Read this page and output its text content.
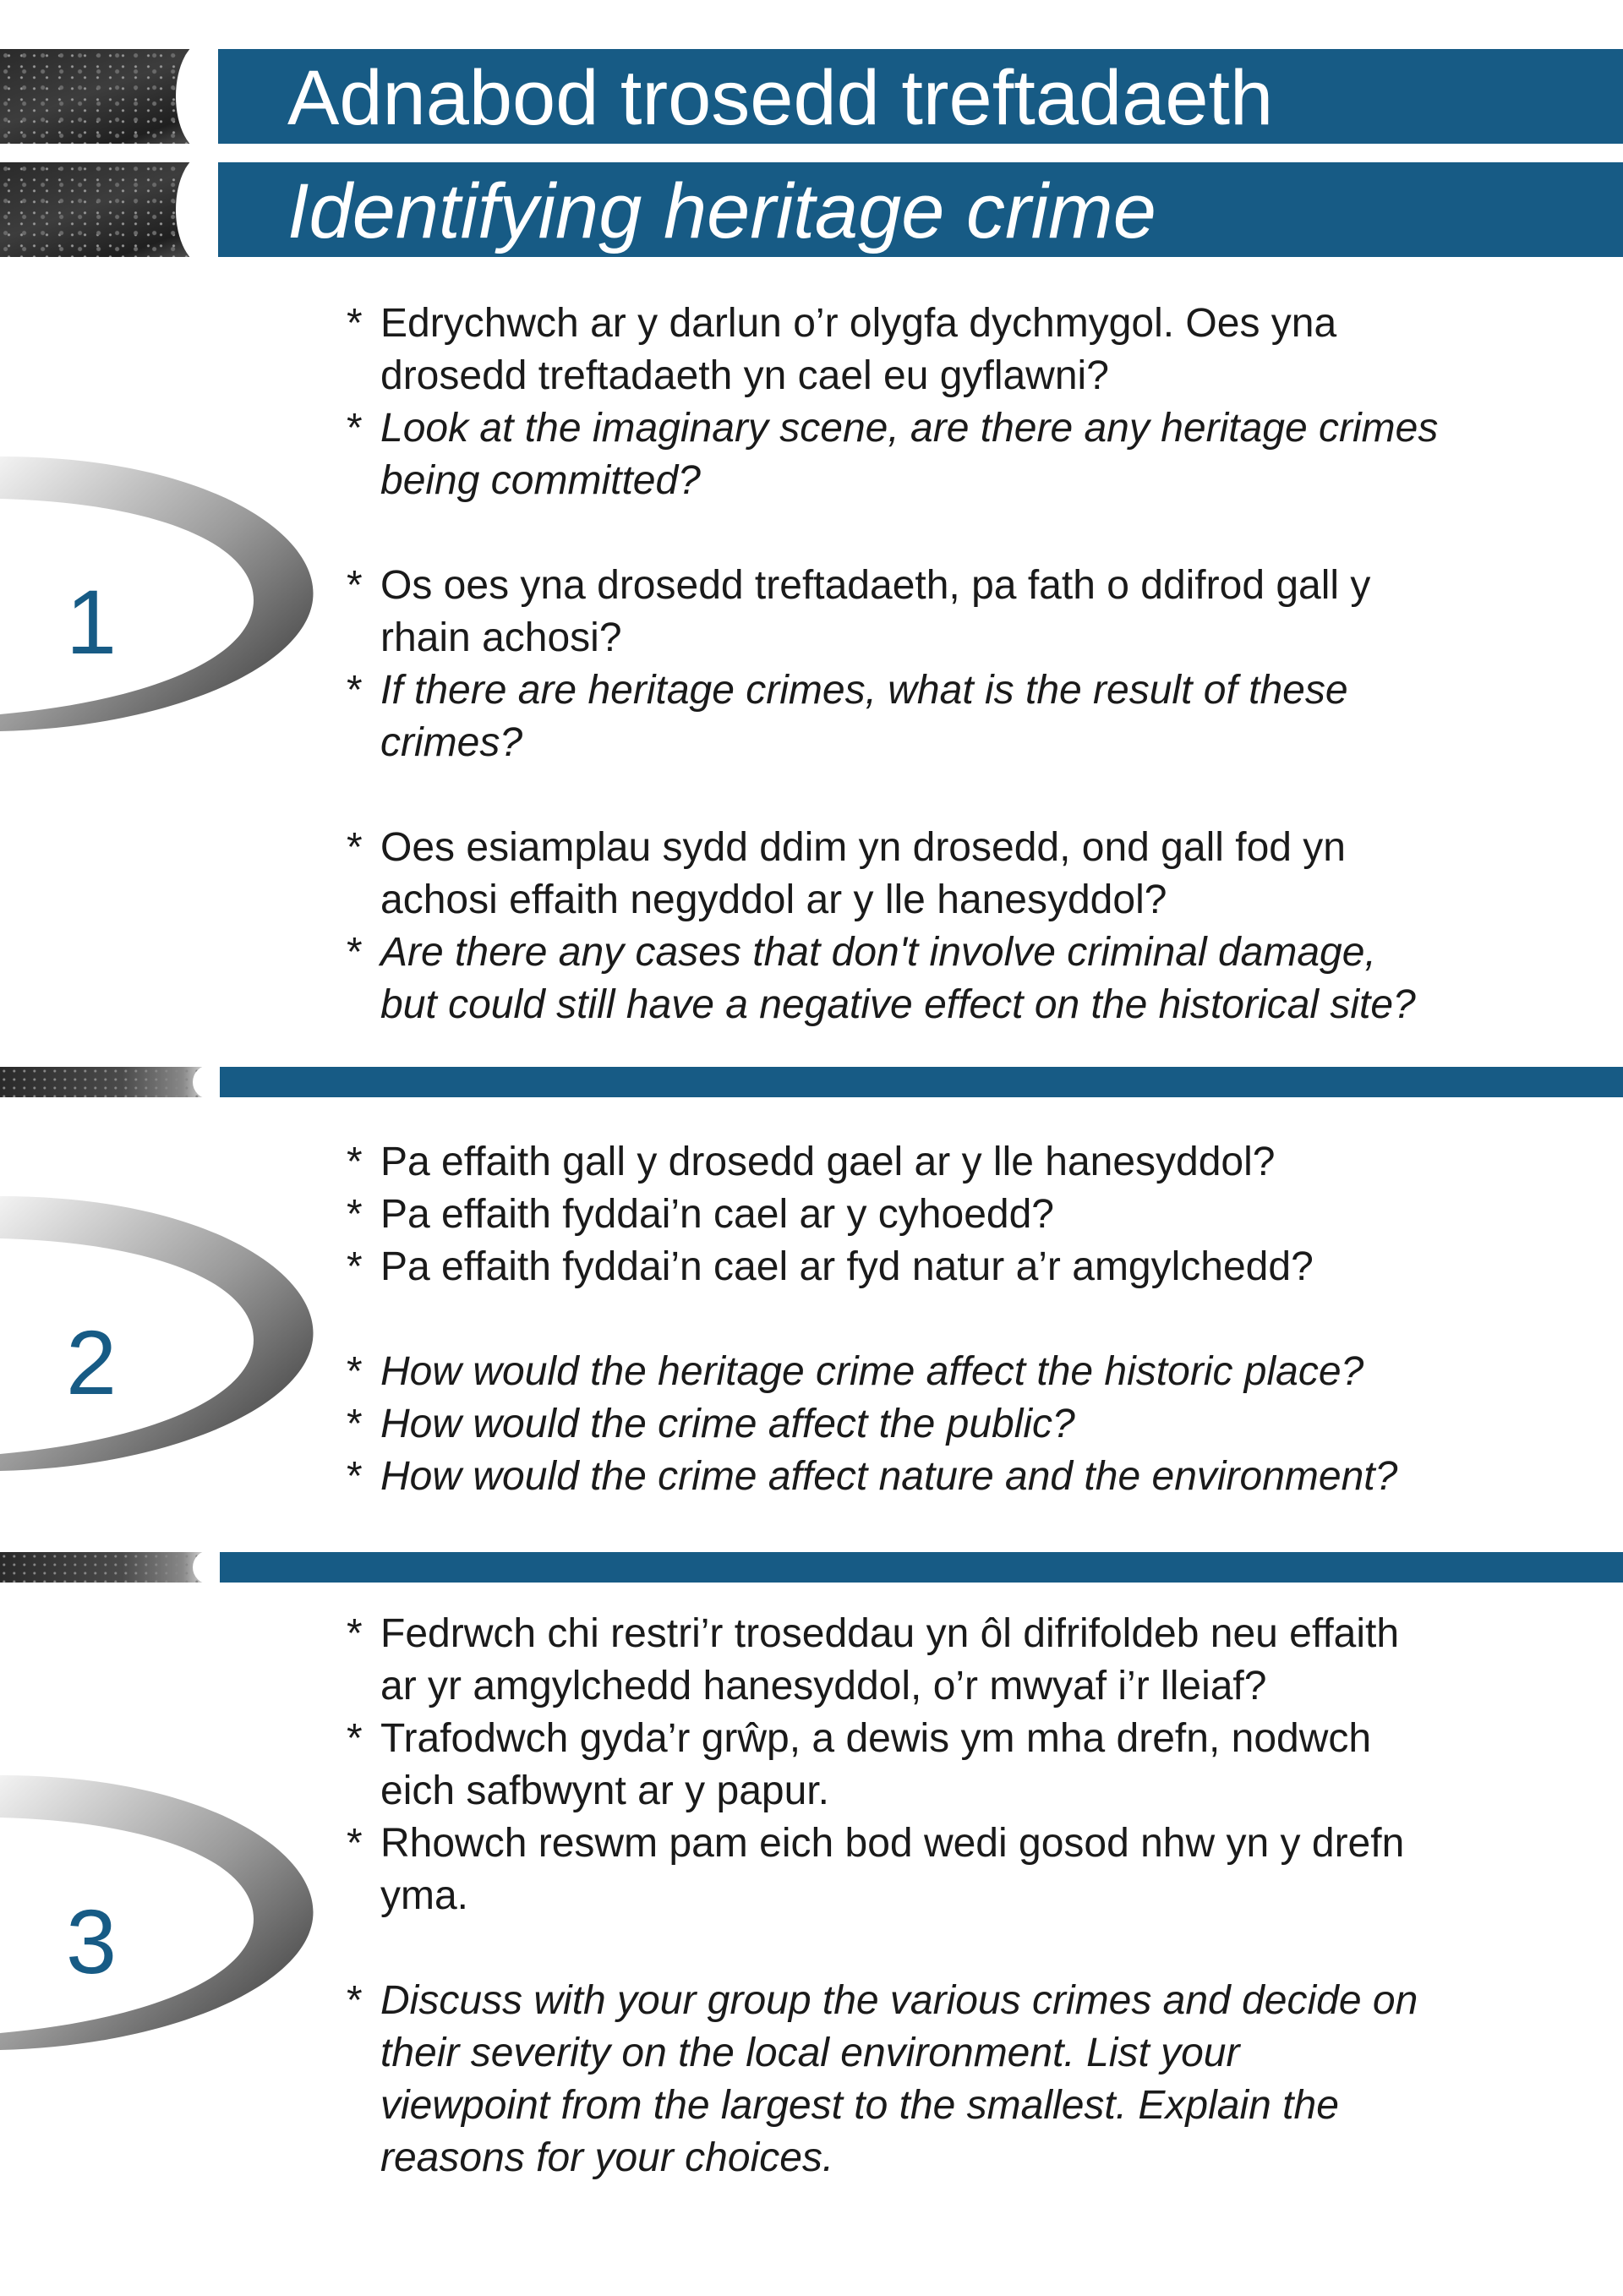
Adnabod trosedd treftadaeth
Identifying heritage crime
1
2
3
* Edrychwch ar y darlun o’r olygfa dychmygol. Oes yna
drosedd treftadaeth yn cael eu gyflawni?
* Look at the imaginary scene, are there any heritage crimes
being committed?
* Os oes yna drosedd treftadaeth, pa fath o ddifrod gall y
rhain achosi?
* If there are heritage crimes, what is the result of these
crimes?
* Oes esiamplau sydd ddim yn drosedd, ond gall fod yn
achosi effaith negyddol ar y lle hanesyddol?
* Are there any cases that don't involve criminal damage,
but could still have a negative effect on the historical site?
* Pa effaith gall y drosedd gael ar y lle hanesyddol?
* Pa effaith fyddai’n cael ar y cyhoedd?
* Pa effaith fyddai’n cael ar fyd natur a’r amgylchedd?
* How would the heritage crime affect the historic place?
* How would the crime affect the public?
* How would the crime affect nature and the environment?
* Fedrwch chi restri’r troseddau yn ôl difrifoldeb neu effaith
ar yr amgylchedd hanesyddol, o’r mwyaf i’r lleiaf?
* Trafodwch gyda’r grŵp, a dewis ym mha drefn, nodwch
eich safbwynt ar y papur.
* Rhowch reswm pam eich bod wedi gosod nhw yn y drefn
yma.
* Discuss with your group the various crimes and decide on
their severity on the local environment. List your
viewpoint from the largest to the smallest. Explain the
reasons for your choices.
